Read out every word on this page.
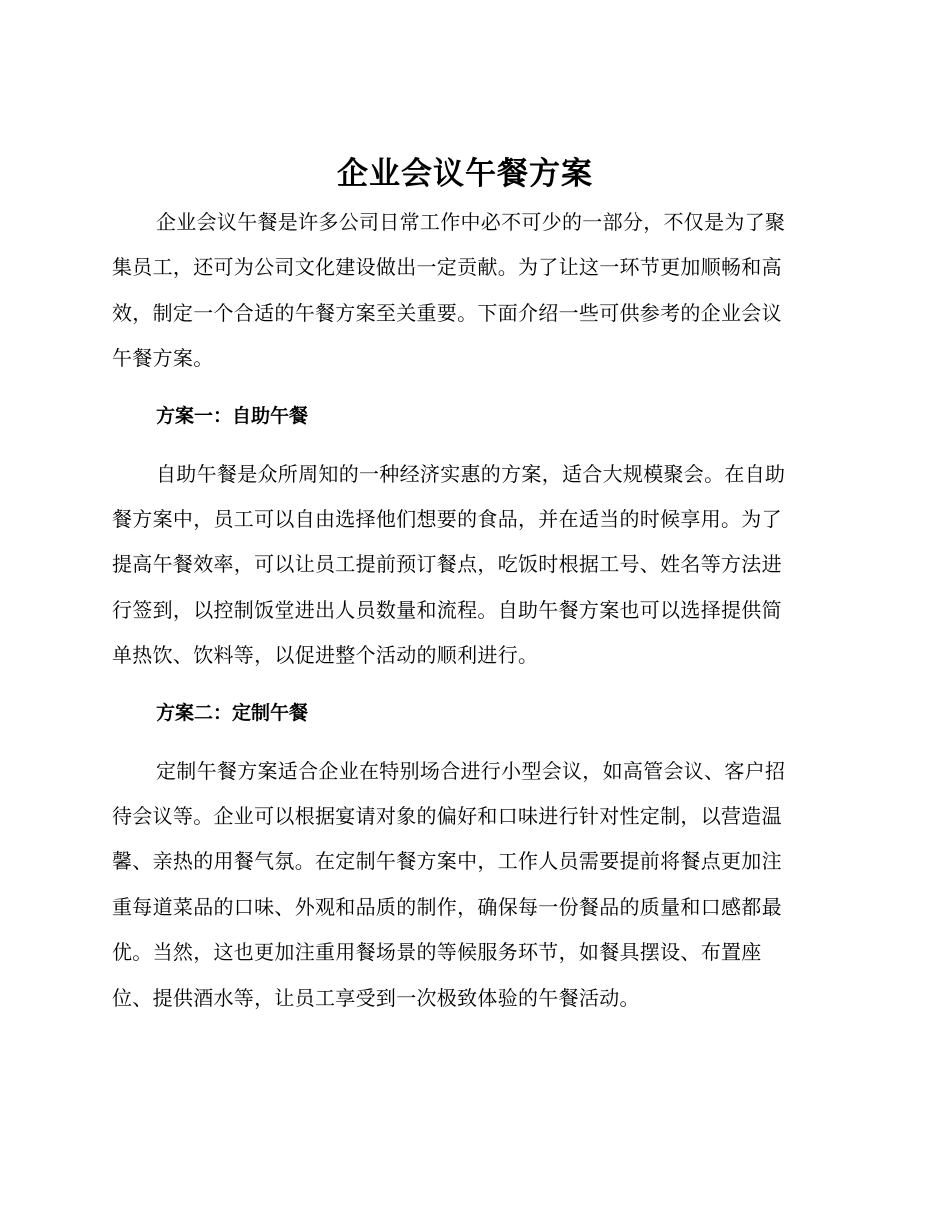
企业会议午餐方案
企业会议午餐是许多公司日常工作中必不可少的一部分，不仅是为了聚
集员工，还可为公司文化建设做出一定贡献。为了让这一环节更加顺畅和高
效，制定一个合适的午餐方案至关重要。下面介绍一些可供参考的企业会议
午餐方案。
方案一：自助午餐
自助午餐是众所周知的一种经济实惠的方案，适合大规模聚会。在自助
餐方案中，员工可以自由选择他们想要的食品，并在适当的时候享用。为了
提高午餐效率，可以让员工提前预订餐点，吃饭时根据工号、姓名等方法进
行签到，以控制饭堂进出人员数量和流程。自助午餐方案也可以选择提供简
单热饮、饮料等，以促进整个活动的顺利进行。
方案二：定制午餐
定制午餐方案适合企业在特别场合进行小型会议，如高管会议、客户招
待会议等。企业可以根据宴请对象的偏好和口味进行针对性定制，以营造温
馨、亲热的用餐气氛。在定制午餐方案中，工作人员需要提前将餐点更加注
重每道菜品的口味、外观和品质的制作，确保每一份餐品的质量和口感都最
优。当然，这也更加注重用餐场景的等候服务环节，如餐具摆设、布置座
位、提供酒水等，让员工享受到一次极致体验的午餐活动。
